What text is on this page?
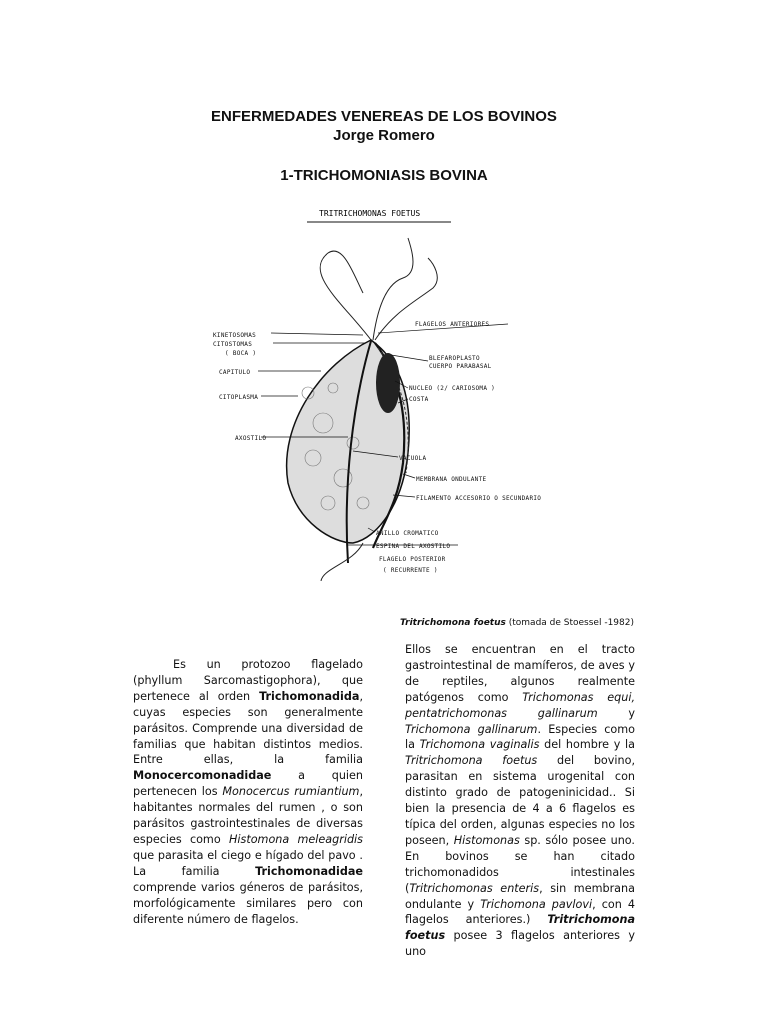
ENFERMEDADES VENEREAS DE LOS BOVINOS
Jorge Romero
1-TRICHOMONIASIS BOVINA
TRITRICHOMONAS FOETUS
KINETOSOMAS
CITOSTOMAS
( BOCA )
CAPITULO
CITOPLASMA
AXOSTILO
FLAGELOS ANTERIORES
BLEFAROPLASTO
CUERPO PARABASAL
NUCLEO (2/ CARIOSOMA )
COSTA
VACUOLA
MEMBRANA ONDULANTE
FILAMENTO ACCESORIO O SECUNDARIO
ANILLO CROMATICO
ESPINA DEL AXOSTILO
FLAGELO POSTERIOR
( RECURRENTE )
Tritrichomona foetus (tomada de Stoessel -1982)
Es un protozoo flagelado (phyllum Sarcomastigophora), que pertenece al orden Trichomonadida, cuyas especies son generalmente parásitos. Comprende una diversidad de familias que habitan distintos medios. Entre ellas, la familia Monocercomonadidae a quien pertenecen los Monocercus rumiantium, habitantes normales del rumen , o son parásitos gastrointestinales de diversas especies como Histomona meleagridis que parasita el ciego e hígado del pavo . La familia Trichomonadidae comprende varios géneros de parásitos, morfológicamente similares pero con diferente número de flagelos.
Ellos se encuentran en el tracto gastrointestinal de mamíferos, de aves y de reptiles, algunos realmente patógenos como Trichomonas equi, pentatrichomonas gallinarum y Trichomona gallinarum. Especies como la Trichomona vaginalis del hombre y la Tritrichomona foetus del bovino, parasitan en sistema urogenital con distinto grado de patogeninicidad.. Si bien la presencia de 4 a 6 flagelos es típica del orden, algunas especies no los poseen, Histomonas sp. sólo posee uno. En bovinos se han citado trichomonadidos intestinales (Tritrichomonas enteris, sin membrana ondulante y Trichomona pavlovi, con 4 flagelos anteriores.) Tritrichomona foetus posee 3 flagelos anteriores y uno
